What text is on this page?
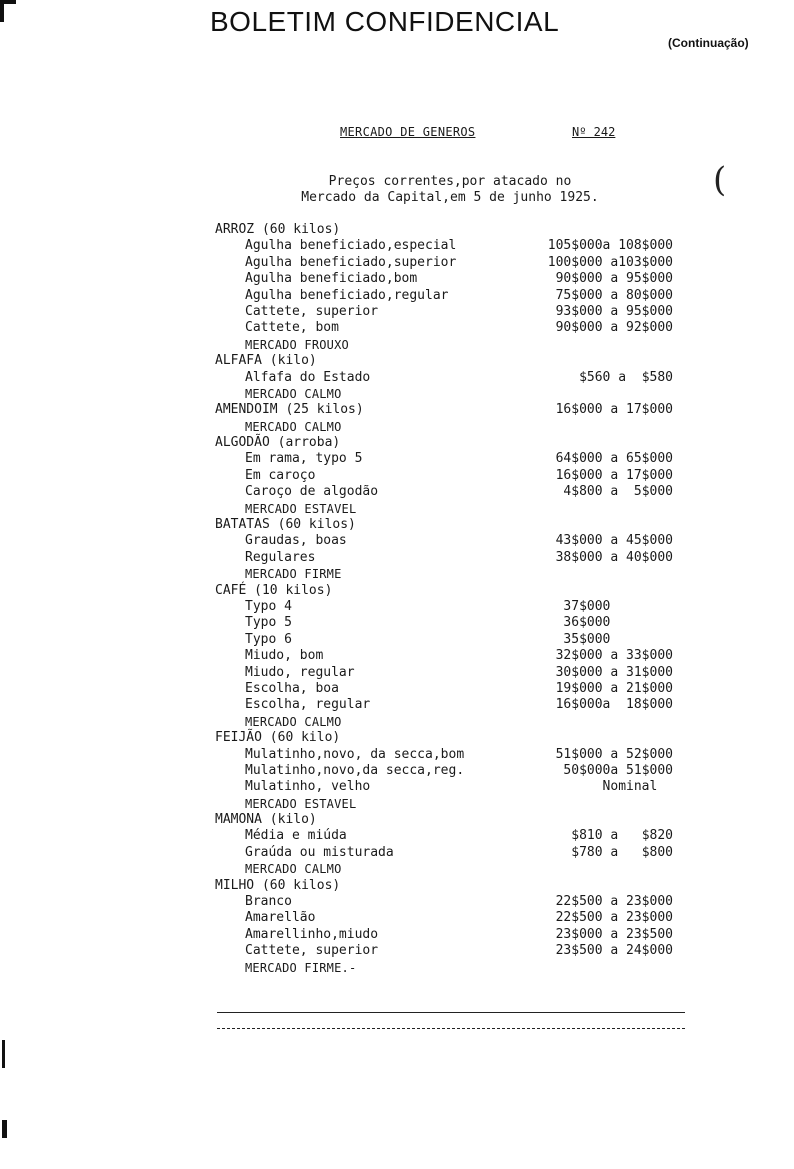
BOLETIM CONFIDENCIAL
(Continuação)
MERCADO DE GENEROS	Nº 242
Preços correntes,por atacado no
Mercado da Capital,em 5 de junho 1925.	(
ARROZ (60 kilos)
Agulha beneficiado,especial	105$000a 108$000
Agulha beneficiado,superior	100$000 a103$000
Agulha beneficiado,bom	90$000 a 95$000
Agulha beneficiado,regular	75$000 a 80$000
Cattete, superior	93$000 a 95$000
Cattete, bom	90$000 a 92$000
MERCADO FROUXO
ALFAFA (kilo)
Alfafa do Estado	$560 a  $580
MERCADO CALMO
AMENDOIM (25 kilos)	16$000 a 17$000
MERCADO CALMO
ALGODÃO (arroba)
Em rama, typo 5	64$000 a 65$000
Em caroço	16$000 a 17$000
Caroço de algodão	4$800 a  5$000
MERCADO ESTAVEL
BATATAS (60 kilos)
Graudas, boas	43$000 a 45$000
Regulares	38$000 a 40$000
MERCADO FIRME
CAFÉ (10 kilos)
Typo 4	37$000
Typo 5	36$000
Typo 6	35$000
Miudo, bom	32$000 a 33$000
Miudo, regular	30$000 a 31$000
Escolha, boa	19$000 a 21$000
Escolha, regular	16$000a  18$000
MERCADO CALMO
FEIJÃO (60 kilo)
Mulatinho,novo, da secca,bom	51$000 a 52$000
Mulatinho,novo,da secca,reg.	50$000a 51$000
Mulatinho, velho	Nominal
MERCADO ESTAVEL
MAMONA (kilo)
Média e miúda	$810 a   $820
Graúda ou misturada	$780 a   $800
MERCADO CALMO
MILHO (60 kilos)
Branco	22$500 a 23$000
Amarellão	22$500 a 23$000
Amarellinho,miudo	23$000 a 23$500
Cattete, superior	23$500 a 24$000
MERCADO FIRME.-
